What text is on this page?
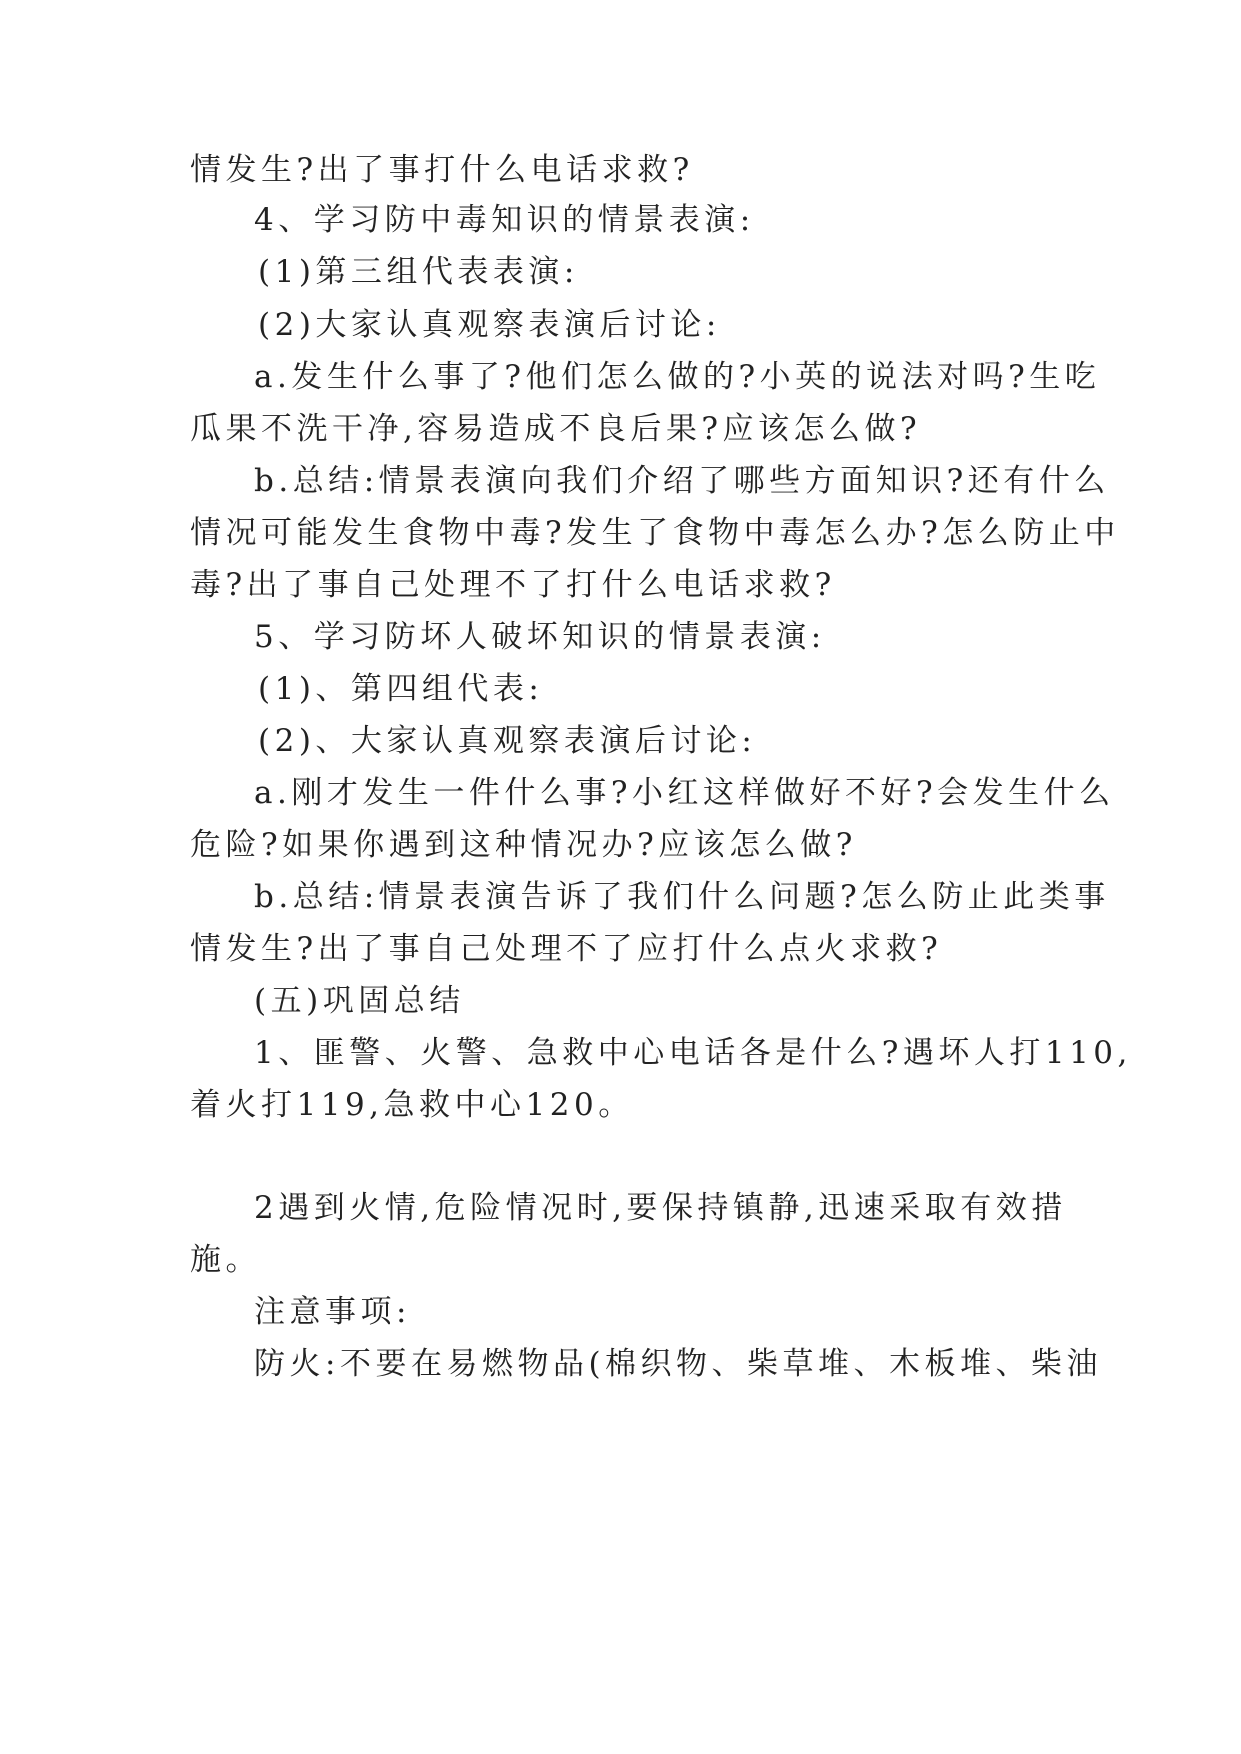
情发生?出了事打什么电话求救?
4、学习防中毒知识的情景表演:
(1)第三组代表表演:
(2)大家认真观察表演后讨论:
a.发生什么事了?他们怎么做的?小英的说法对吗?生吃
瓜果不洗干净,容易造成不良后果?应该怎么做?
b.总结:情景表演向我们介绍了哪些方面知识?还有什么
情况可能发生食物中毒?发生了食物中毒怎么办?怎么防止中
毒?出了事自己处理不了打什么电话求救?
5、学习防坏人破坏知识的情景表演:
(1)、第四组代表:
(2)、大家认真观察表演后讨论:
a.刚才发生一件什么事?小红这样做好不好?会发生什么
危险?如果你遇到这种情况办?应该怎么做?
b.总结:情景表演告诉了我们什么问题?怎么防止此类事
情发生?出了事自己处理不了应打什么点火求救?
(五)巩固总结
1、匪警、火警、急救中心电话各是什么?遇坏人打110,
着火打119,急救中心120。
2遇到火情,危险情况时,要保持镇静,迅速采取有效措
施。
注意事项:
防火:不要在易燃物品(棉织物、柴草堆、木板堆、柴油
